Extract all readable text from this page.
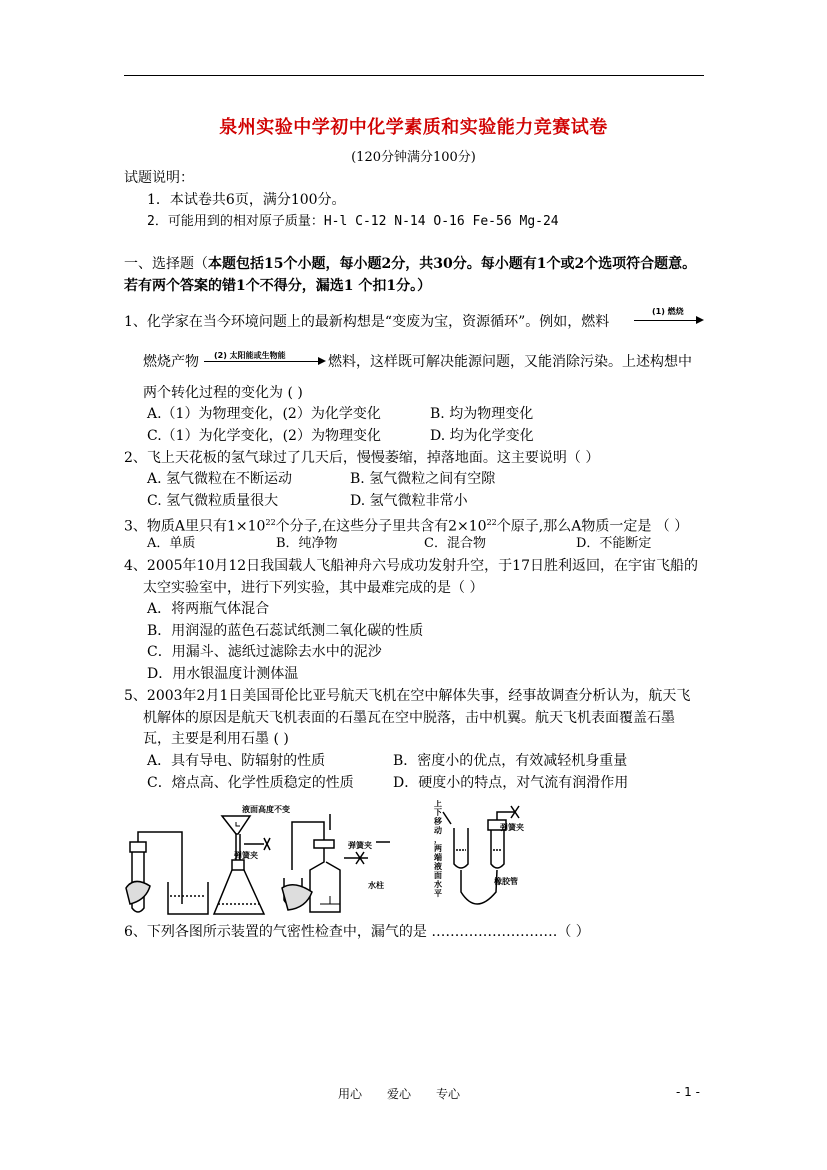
泉州实验中学初中化学素质和实验能力竞赛试卷
(120分钟满分100分)
试题说明：
1．本试卷共6页，满分100分。
2．可能用到的相对原子质量：H-l C-12 N-14 O-16 Fe-56 Mg-24
一、选择题（本题包括15个小题，每小题2分，共30分。每小题有1个或2个选项符合题意。
若有两个答案的错1个不得分，漏选1 个扣1分。）
1、化学家在当今环境问题上的最新构想是“变废为宝，资源循环”。例如，燃料
(1) 燃烧
燃烧产物 (2) 太阳能或生物能	燃料，这样既可解决能源问题，又能消除污染。上述构想中
两个转化过程的变化为 ( )
A.（1）为物理变化，(2）为化学变化	B. 均为物理变化
C.（1）为化学变化，(2）为物理变化	D. 均为化学变化
2、飞上天花板的氢气球过了几天后，慢慢萎缩，掉落地面。这主要说明（ ）
A. 氢气微粒在不断运动	B. 氢气微粒之间有空隙
C. 氢气微粒质量很大	D. 氢气微粒非常小
3、物质A里只有$1\times 10^{22}$个分子,在这些分子里共含有$2\times 10^{22}$个原子,那么A物质一定是 （ ）
A．单质	B．纯净物	C．混合物	D．不能断定
4、2005年10月12日我国载人飞船神舟六号成功发射升空，于17日胜利返回，在宇宙飞船的
太空实验室中，进行下列实验，其中最难完成的是（ ）
A．将两瓶气体混合
B．用润湿的蓝色石蕊试纸测二氧化碳的性质
C．用漏斗、滤纸过滤除去水中的泥沙
D．用水银温度计测体温
5、2003年2月1日美国哥伦比亚号航天飞机在空中解体失事，经事故调查分析认为，航天飞
机解体的原因是航天飞机表面的石墨瓦在空中脱落，击中机翼。航天飞机表面覆盖石墨
瓦，主要是利用石墨 ( )
A．具有导电、防辐射的性质	B．密度小的优点，有效减轻机身重量
C．熔点高、化学性质稳定的性质	D．硬度小的特点，对气流有润滑作用
液面高度不变
弹簧夹
弹簧夹
水柱
弹簧夹
橡胶管
上下移动，两端液面水平
6、下列各图所示装置的气密性检查中，漏气的是 ………………………（ ）
用心 爱心 专心	- 1 -
